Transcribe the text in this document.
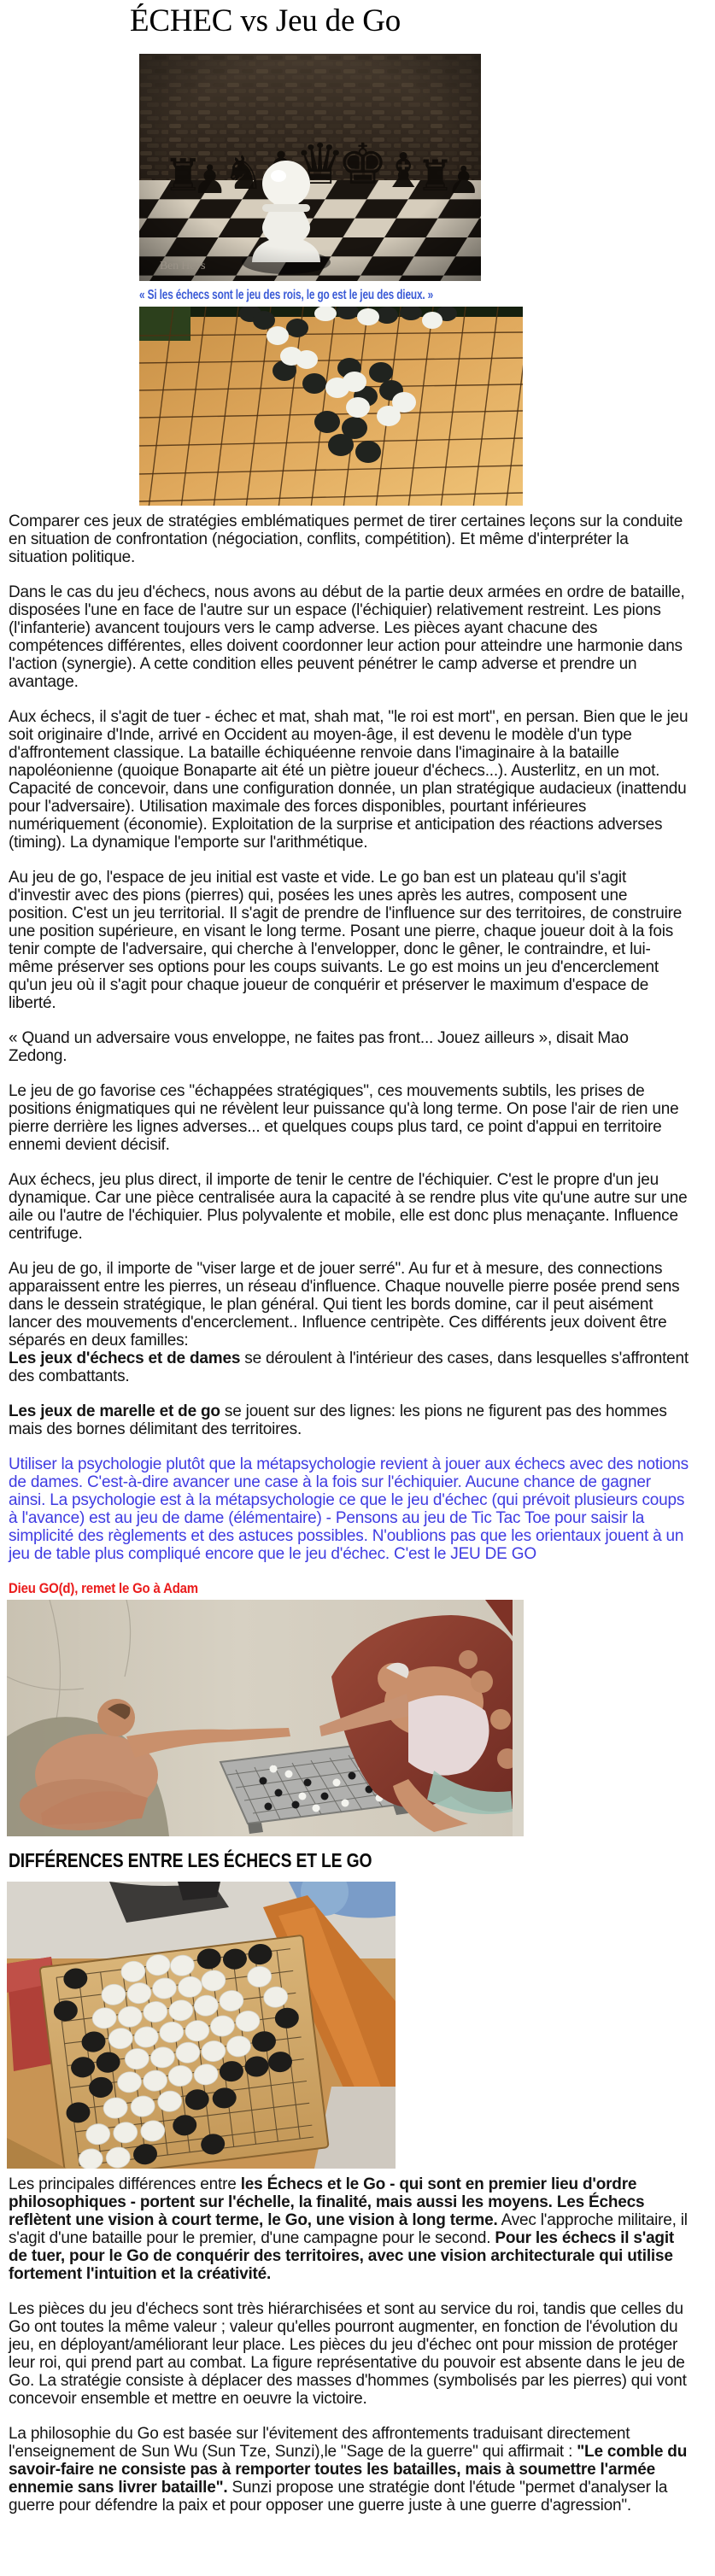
ÉCHEC vs Jeu de Go
Ben Heys
« Si les échecs sont le jeu des rois, le go est le jeu des dieux. »

Comparer ces jeux de stratégies emblématiques permet de tirer certaines leçons sur la conduite en situation de confrontation (négociation, conflits, compétition). Et même d'interpréter la situation politique.

Dans le cas du jeu d'échecs, nous avons au début de la partie deux armées en ordre de bataille, disposées l'une en face de l'autre sur un espace (l'échiquier) relativement restreint. Les pions (l'infanterie) avancent toujours vers le camp adverse. Les pièces ayant chacune des compétences différentes, elles doivent coordonner leur action pour atteindre une harmonie dans l'action (synergie). A cette condition elles peuvent pénétrer le camp adverse et prendre un avantage.

Aux échecs, il s'agit de tuer - échec et mat, shah mat, "le roi est mort", en persan. Bien que le jeu soit originaire d'Inde, arrivé en Occident au moyen-âge, il est devenu le modèle d'un type d'affrontement classique. La bataille échiquéenne renvoie dans l'imaginaire à la bataille napoléonienne (quoique Bonaparte ait été un piètre joueur d'échecs...). Austerlitz, en un mot. Capacité de concevoir, dans une configuration donnée, un plan stratégique audacieux (inattendu pour l'adversaire). Utilisation maximale des forces disponibles, pourtant inférieures numériquement (économie). Exploitation de la surprise et anticipation des réactions adverses (timing). La dynamique l'emporte sur l'arithmétique.

Au jeu de go, l'espace de jeu initial est vaste et vide. Le go ban est un plateau qu'il s'agit d'investir avec des pions (pierres) qui, posées les unes après les autres, composent une position. C'est un jeu territorial. Il s'agit de prendre de l'influence sur des territoires, de construire une position supérieure, en visant le long terme. Posant une pierre, chaque joueur doit à la fois tenir compte de l'adversaire, qui cherche à l'envelopper, donc le gêner, le contraindre, et lui-même préserver ses options pour les coups suivants. Le go est moins un jeu d'encerclement qu'un jeu où il s'agit pour chaque joueur de conquérir et préserver le maximum d'espace de liberté.

« Quand un adversaire vous enveloppe, ne faites pas front... Jouez ailleurs », disait Mao Zedong.

Le jeu de go favorise ces "échappées stratégiques", ces mouvements subtils, les prises de positions énigmatiques qui ne révèlent leur puissance qu'à long terme. On pose l'air de rien une pierre derrière les lignes adverses... et quelques coups plus tard, ce point d'appui en territoire ennemi devient décisif.

Aux échecs, jeu plus direct, il importe de tenir le centre de l'échiquier. C'est le propre d'un jeu dynamique. Car une pièce centralisée aura la capacité à se rendre plus vite qu'une autre sur une aile ou l'autre de l'échiquier. Plus polyvalente et mobile, elle est donc plus menaçante. Influence centrifuge.

Au jeu de go, il importe de "viser large et de jouer serré". Au fur et à mesure, des connections apparaissent entre les pierres, un réseau d'influence. Chaque nouvelle pierre posée prend sens dans le dessein stratégique, le plan général. Qui tient les bords domine, car il peut aisément lancer des mouvements d'encerclement.. Influence centripète. Ces différents jeux doivent être séparés en deux familles:
Les jeux d'échecs et de dames se déroulent à l'intérieur des cases, dans lesquelles s'affrontent des combattants.

Les jeux de marelle et de go se jouent sur des lignes: les pions ne figurent pas des hommes mais des bornes délimitant des territoires.

Utiliser la psychologie plutôt que la métapsychologie revient à jouer aux échecs avec des notions de dames. C'est-à-dire avancer une case à la fois sur l'échiquier. Aucune chance de gagner ainsi. La psychologie est à la métapsychologie ce que le jeu d'échec (qui prévoit plusieurs coups à l'avance) est au jeu de dame (élémentaire) - Pensons au jeu de Tic Tac Toe pour saisir la simplicité des règlements et des astuces possibles. N'oublions pas que les orientaux jouent à un jeu de table plus compliqué encore que le jeu d'échec. C'est le JEU DE GO

Dieu GO(d), remet le Go à Adam
DIFFÉRENCES ENTRE LES ÉCHECS ET LE GO

Les principales différences entre les Échecs et le Go - qui sont en premier lieu d'ordre philosophiques - portent sur l'échelle, la finalité, mais aussi les moyens. Les Échecs reflètent une vision à court terme, le Go, une vision à long terme. Avec l'approche militaire, il s'agit d'une bataille pour le premier, d'une campagne pour le second. Pour les échecs il s'agit de tuer, pour le Go de conquérir des territoires, avec une vision architecturale qui utilise fortement l'intuition et la créativité.

Les pièces du jeu d'échecs sont très hiérarchisées et sont au service du roi, tandis que celles du Go ont toutes la même valeur ; valeur qu'elles pourront augmenter, en fonction de l'évolution du jeu, en déployant/améliorant leur place. Les pièces du jeu d'échec ont pour mission de protéger leur roi, qui prend part au combat. La figure représentative du pouvoir est absente dans le jeu de Go. La stratégie consiste à déplacer des masses d'hommes (symbolisés par les pierres) qui vont concevoir ensemble et mettre en oeuvre la victoire.

La philosophie du Go est basée sur l'évitement des affrontements traduisant directement l'enseignement de Sun Wu (Sun Tze, Sunzi),le "Sage de la guerre" qui affirmait : "Le comble du savoir-faire ne consiste pas à remporter toutes les batailles, mais à soumettre l'armée ennemie sans livrer bataille". Sunzi propose une stratégie dont l'étude "permet d'analyser la guerre pour défendre la paix et pour opposer une guerre juste à une guerre d'agression".
